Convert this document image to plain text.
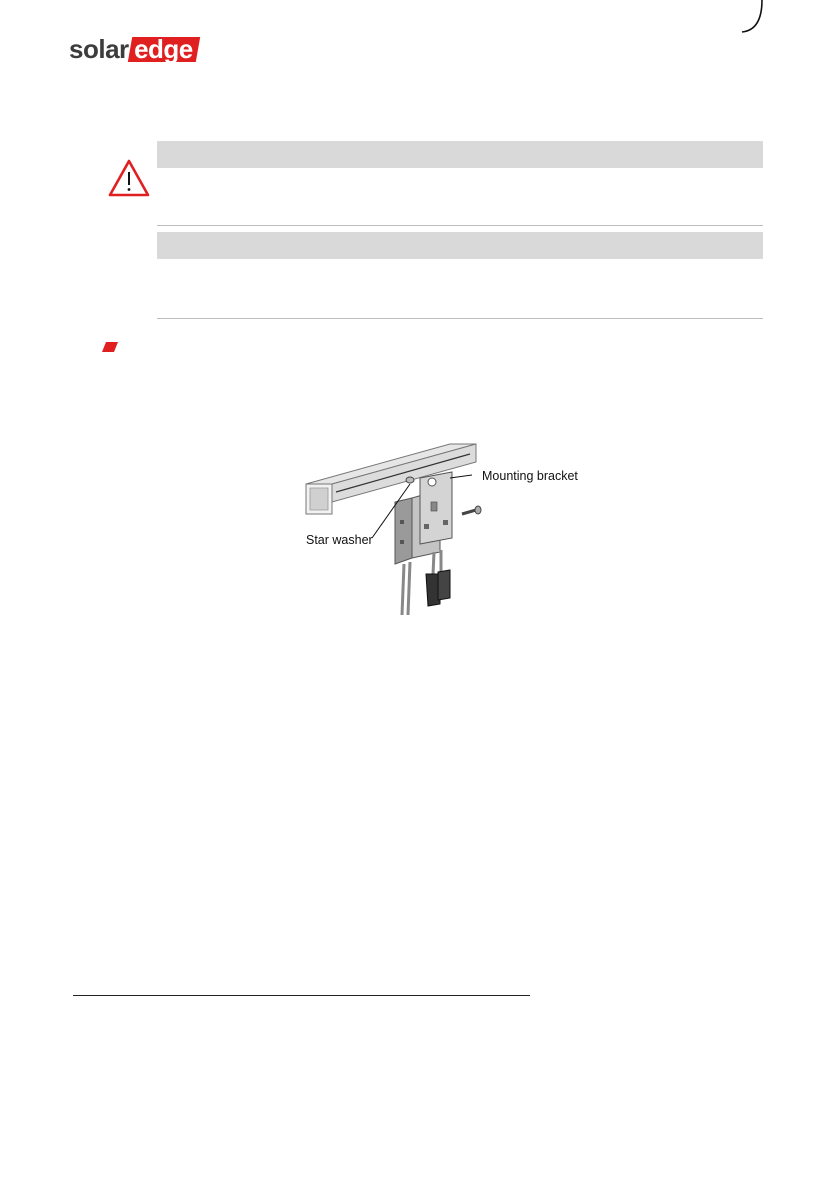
solar edge
Mounting bracket
Star washer
